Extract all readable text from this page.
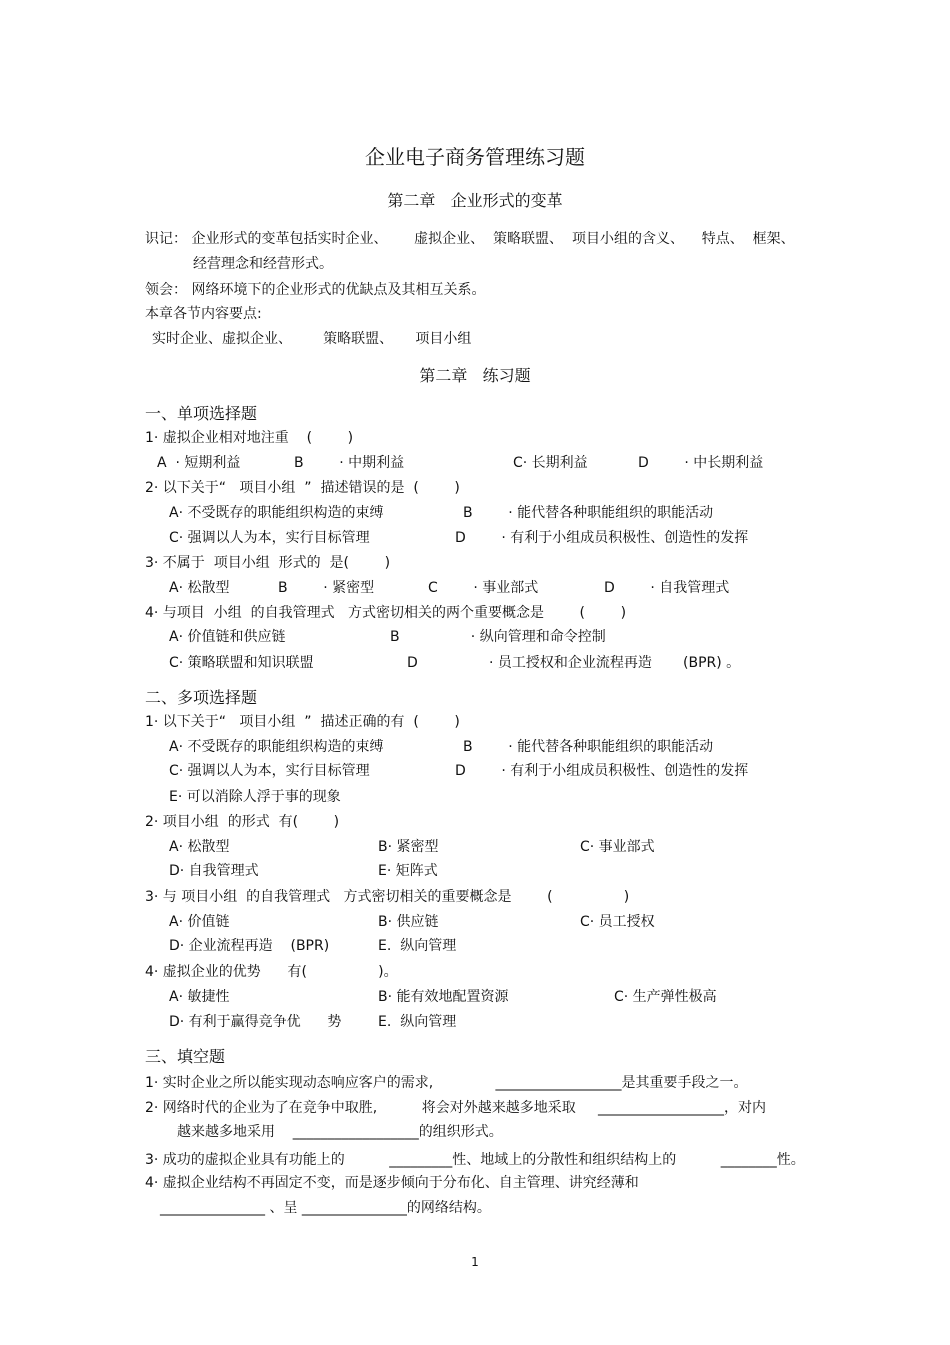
企业电子商务管理练习题
第二章   企业形式的变革
识记： 企业形式的变革包括实时企业、      虚拟企业、  策略联盟、  项目小组的含义、    特点、  框架、
经营理念和经营形式。
领会： 网络环境下的企业形式的优缺点及其相互关系。
本章各节内容要点:
实时企业、虚拟企业、       策略联盟、     项目小组
第二章   练习题
一、单项选择题
1· 虚拟企业相对地注重    (        )
A  · 短期利益	B        · 中期利益	C· 长期利益	D        · 中长期利益
2· 以下关于“   项目小组  ”  描述错误的是  (        )
A· 不受既存的职能组织构造的束缚	B        · 能代替各种职能组织的职能活动
C· 强调以人为本，实行目标管理	D        · 有利于小组成员积极性、创造性的发挥
3· 不属于  项目小组  形式的  是(        )
A· 松散型	B        · 紧密型	C        · 事业部式	D        · 自我管理式
4· 与项目  小组  的自我管理式   方式密切相关的两个重要概念是        (        )
A· 价值链和供应链	B                · 纵向管理和命令控制
C· 策略联盟和知识联盟	D                · 员工授权和企业流程再造       (BPR) 。
二、多项选择题
1· 以下关于“   项目小组  ”  描述正确的有  (        )
A· 不受既存的职能组织构造的束缚	B        · 能代替各种职能组织的职能活动
C· 强调以人为本，实行目标管理	D        · 有利于小组成员积极性、创造性的发挥
E· 可以消除人浮于事的现象
2· 项目小组  的形式  有(        )
A· 松散型	B· 紧密型	C· 事业部式
D· 自我管理式	E· 矩阵式
3· 与 项目小组  的自我管理式   方式密切相关的重要概念是        (                )
A· 价值链	B· 供应链	C· 员工授权
D· 企业流程再造    (BPR)	E.  纵向管理
4· 虚拟企业的优势      有(                )。
A· 敏捷性	B· 能有效地配置资源	C· 生产弹性极高
D· 有利于赢得竞争优      势	E.  纵向管理
三、填空题
1· 实时企业之所以能实现动态响应客户的需求,              __________________是其重要手段之一。
2· 网络时代的企业为了在竞争中取胜,          将会对外越来越多地采取     __________________，对内
越来越多地采用    __________________的组织形式。
3· 成功的虚拟企业具有功能上的          _________性、地域上的分散性和组织结构上的          ________性。
4· 虚拟企业结构不再固定不变，而是逐步倾向于分布化、自主管理、讲究经薄和
_______________ 、呈 _______________的网络结构。
1
